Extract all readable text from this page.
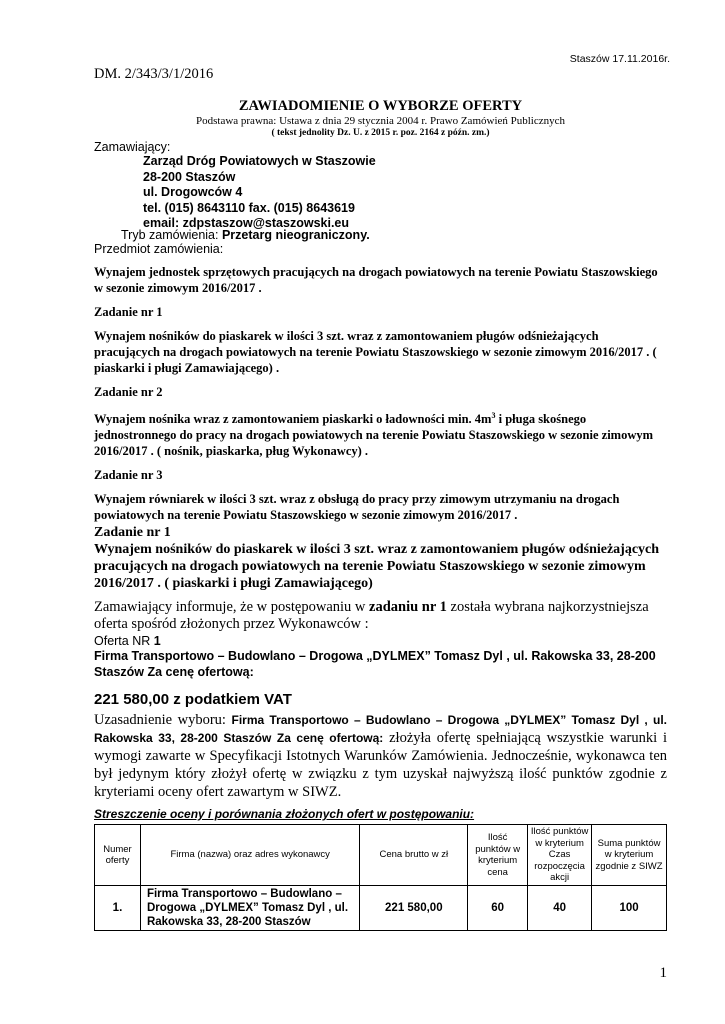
Staszów 17.11.2016r.
DM. 2/343/3/1/2016
ZAWIADOMIENIE O WYBORZE OFERTY
Podstawa prawna: Ustawa z dnia 29 stycznia 2004 r. Prawo Zamówień Publicznych
( tekst jednolity Dz. U. z 2015 r. poz. 2164 z późn. zm.)
Zamawiający:
Zarząd Dróg Powiatowych w Staszowie
28-200 Staszów
ul. Drogowców 4
tel. (015) 8643110 fax. (015) 8643619
email: zdpstaszow@staszowski.eu
Tryb zamówienia: Przetarg nieograniczony.
Przedmiot zamówienia:

Wynajem jednostek sprzętowych pracujących na drogach powiatowych na terenie Powiatu Staszowskiego w sezonie zimowym 2016/2017 .

Zadanie nr 1

Wynajem nośników do piaskarek w ilości 3 szt. wraz z zamontowaniem pługów odśnieżających pracujących na drogach powiatowych na terenie Powiatu Staszowskiego w sezonie zimowym 2016/2017 . ( piaskarki i pługi Zamawiającego) .

Zadanie nr 2

Wynajem nośnika wraz z zamontowaniem piaskarki o ładowności min. $4m^3$ i pługa skośnego jednostronnego do pracy na drogach powiatowych na terenie Powiatu Staszowskiego w sezonie zimowym 2016/2017 . ( nośnik, piaskarka, pług Wykonawcy) .

Zadanie nr 3

Wynajem równiarek w ilości 3 szt. wraz z obsługą do pracy przy zimowym utrzymaniu na drogach powiatowych na terenie Powiatu Staszowskiego w sezonie zimowym 2016/2017 .

Zadanie nr 1
Wynajem nośników do piaskarek w ilości 3 szt. wraz z zamontowaniem pługów odśnieżających pracujących na drogach powiatowych na terenie Powiatu Staszowskiego w sezonie zimowym 2016/2017 . ( piaskarki i pługi Zamawiającego)
Zamawiający informuje, że w postępowaniu w zadaniu nr 1 została wybrana najkorzystniejsza oferta spośród złożonych przez Wykonawców :
Oferta NR 1
Firma Transportowo – Budowlano – Drogowa „DYLMEX” Tomasz Dyl , ul. Rakowska 33, 28-200 Staszów Za cenę ofertową:
221 580,00 z podatkiem VAT
Uzasadnienie wyboru: Firma Transportowo – Budowlano – Drogowa „DYLMEX” Tomasz Dyl , ul. Rakowska 33, 28-200 Staszów Za cenę ofertową: złożyła ofertę spełniającą wszystkie warunki i wymogi zawarte w Specyfikacji Istotnych Warunków Zamówienia. Jednocześnie, wykonawca ten był jedynym który złożył ofertę w związku z tym uzyskał najwyższą ilość punktów zgodnie z kryteriami oceny ofert zawartym w SIWZ.
Streszczenie oceny i porównania złożonych ofert w postępowaniu:
Numer oferty	Firma (nazwa) oraz adres wykonawcy	Cena brutto w zł	Ilość punktów w kryterium cena	Ilość punktów w kryterium Czas rozpoczęcia akcji	Suma punktów w kryterium zgodnie z SIWZ
1.	Firma Transportowo – Budowlano – Drogowa „DYLMEX” Tomasz Dyl , ul. Rakowska 33, 28-200 Staszów	221 580,00	60	40	100
1
